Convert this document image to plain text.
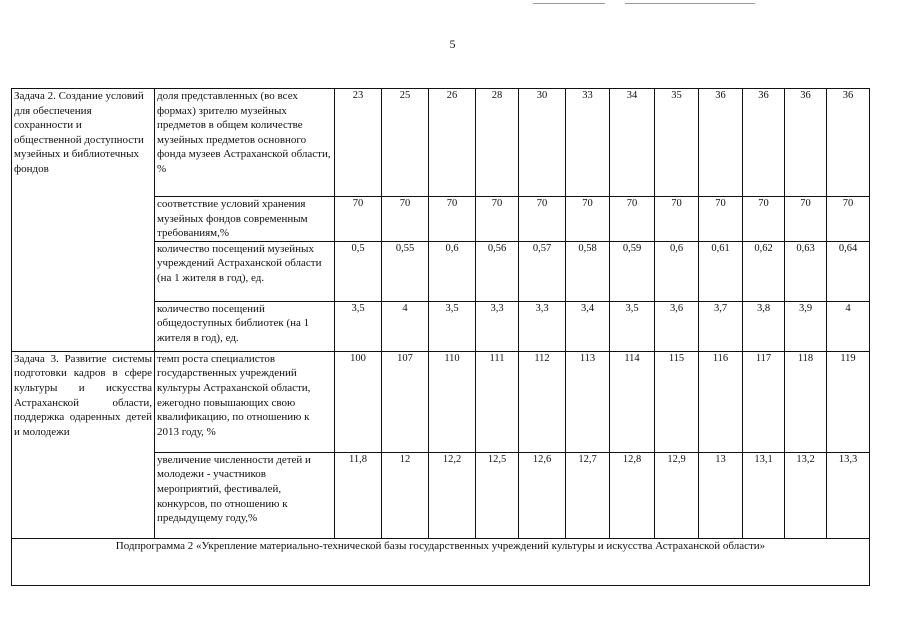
5
Задача 2. Создание условий для обеспечения сохранности и общественной доступности музейных и библиотечных фондов	доля представленных (во всех формах) зрителю музейных предметов в общем количестве музейных предметов основного фонда музеев Астраханской области, %	23	25	26	28	30	33	34	35	36	36	36	36
	соответствие условий хранения музейных фондов современным требованиям,%	70	70	70	70	70	70	70	70	70	70	70	70
	количество посещений музейных учреждений Астраханской области (на 1 жителя в год), ед.	0,5	0,55	0,6	0,56	0,57	0,58	0,59	0,6	0,61	0,62	0,63	0,64
	количество посещений общедоступных библиотек (на 1 жителя в год), ед.	3,5	4	3,5	3,3	3,3	3,4	3,5	3,6	3,7	3,8	3,9	4
Задача 3. Развитие системы подготовки кадров в сфере культуры и искусства Астраханской области, поддержка одаренных детей и молодежи	темп роста специалистов государственных учреждений культуры Астраханской области, ежегодно повышающих свою квалификацию, по отношению к 2013 году, %	100	107	110	111	112	113	114	115	116	117	118	119
	увеличение численности детей и молодежи - участников мероприятий, фестивалей, конкурсов, по отношению к предыдущему году,%	11,8	12	12,2	12,5	12,6	12,7	12,8	12,9	13	13,1	13,2	13,3
Подпрограмма 2 «Укрепление материально-технической базы государственных учреждений культуры и искусства Астраханской области»													
